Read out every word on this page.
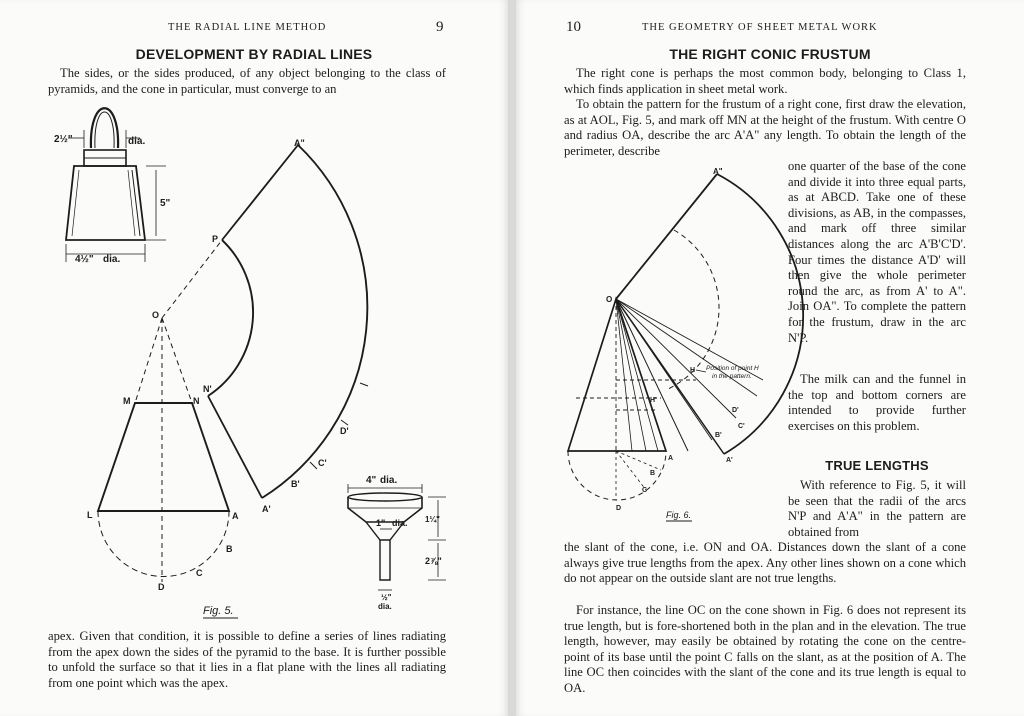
THE RADIAL LINE METHOD	9
DEVELOPMENT BY RADIAL LINES

The sides, or the sides produced, of any object belonging to the class of pyramids, and the cone in particular, must converge to an

2½"	dia.
5"
4½" dia.
A"
P
O
N'
M	N
L	A
B
C
D
A'
B'
C'
D'
4" dia.
1" dia. 1¼"
2⅞"
½"
dia.
Fig. 5.

apex. Given that condition, it is possible to define a series of lines radiating from the apex down the sides of the pyramid to the base. It is further possible to unfold the surface so that it lies in a flat plane with the lines all radiating from one point which was the apex.

10	THE GEOMETRY OF SHEET METAL WORK
THE RIGHT CONIC FRUSTUM

The right cone is perhaps the most common body, belonging to Class 1, which finds application in sheet metal work.

To obtain the pattern for the frustum of a right cone, first draw the elevation, as at AOL, Fig. 5, and mark off MN at the height of the frustum. With centre O and radius OA, describe the arc A'A" any length. To obtain the length of the perimeter, describe

one quarter of the base of the cone and divide it into three equal parts, as at ABCD. Take one of these divisions, as AB, in the compasses, and mark off three similar distances along the arc A'B'C'D'. Four times the distance A'D' will then give the whole perimeter round the arc, as from A' to A". Join OA". To complete the pattern for the frustum, draw in the arc N'P.

The milk can and the funnel in the top and bottom corners are intended to provide further exercises on this problem.

TRUE LENGTHS

With reference to Fig. 5, it will be seen that the radii of the arcs N'P and A'A" in the pattern are obtained from

the slant of the cone, i.e. ON and OA. Distances down the slant of a cone always give true lengths from the apex. Any other lines shown on a cone which do not appear on the outside slant are not true lengths.

For instance, the line OC on the cone shown in Fig. 6 does not represent its true length, but is fore-shortened both in the plan and in the elevation. The true length, however, may easily be obtained by rotating the cone on the centre-point of its base until the point C falls on the slant, as at the position of A. The line OC then coincides with the slant of the cone and its true length is equal to OA.

A"
O
H
H'
A
B
C
D
A'
B'
C'
D'
Position of point H
in the pattern.
Fig. 6.
